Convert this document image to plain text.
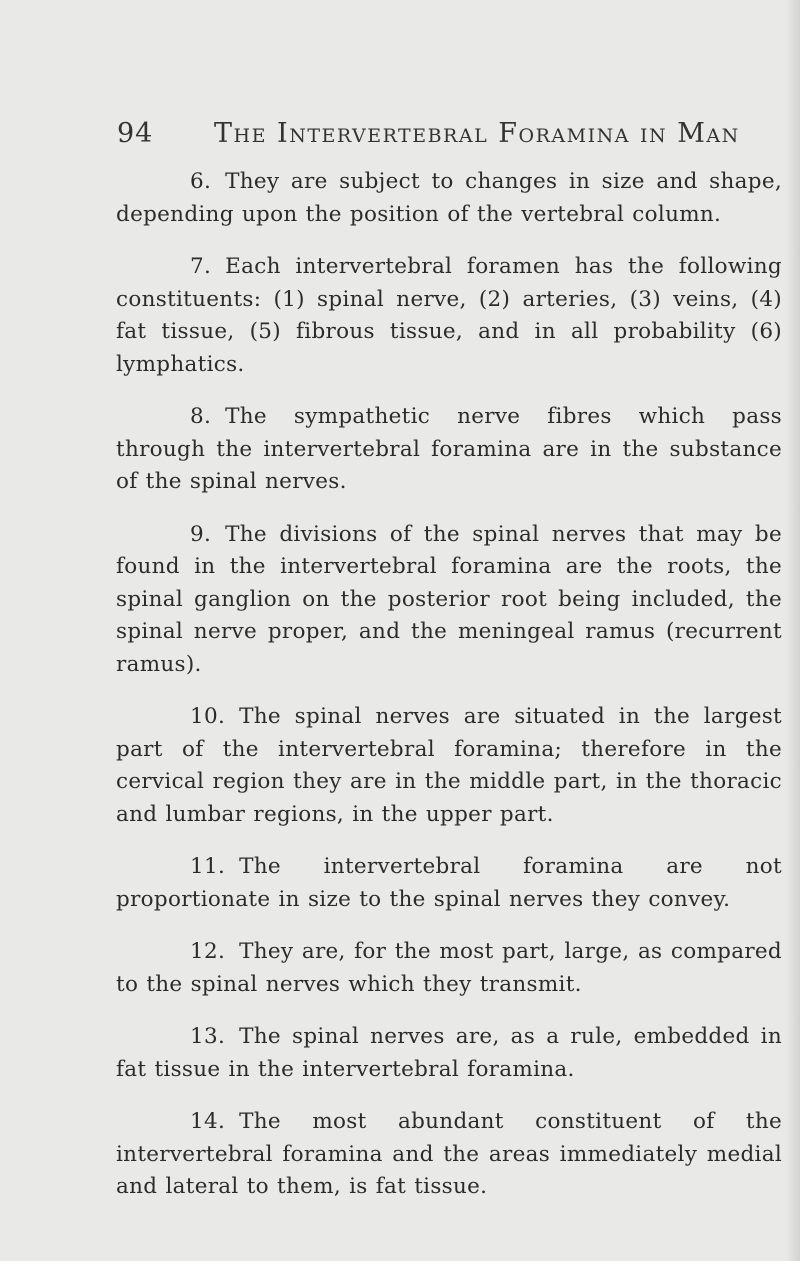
94 The Intervertebral Foramina in Man

6. They are subject to changes in size and shape, depending upon the position of the vertebral column.

7. Each intervertebral foramen has the following constituents: (1) spinal nerve, (2) arteries, (3) veins, (4) fat tissue, (5) fibrous tissue, and in all probability (6) lymphatics.

8. The sympathetic nerve fibres which pass through the intervertebral foramina are in the substance of the spinal nerves.

9. The divisions of the spinal nerves that may be found in the intervertebral foramina are the roots, the spinal ganglion on the posterior root being included, the spinal nerve proper, and the meningeal ramus (recurrent ramus).

10. The spinal nerves are situated in the largest part of the intervertebral foramina; therefore in the cervical region they are in the middle part, in the thoracic and lumbar regions, in the upper part.

11. The intervertebral foramina are not proportionate in size to the spinal nerves they convey.

12. They are, for the most part, large, as compared to the spinal nerves which they transmit.

13. The spinal nerves are, as a rule, embedded in fat tissue in the intervertebral foramina.

14. The most abundant constituent of the intervertebral foramina and the areas immediately medial and lateral to them, is fat tissue.
